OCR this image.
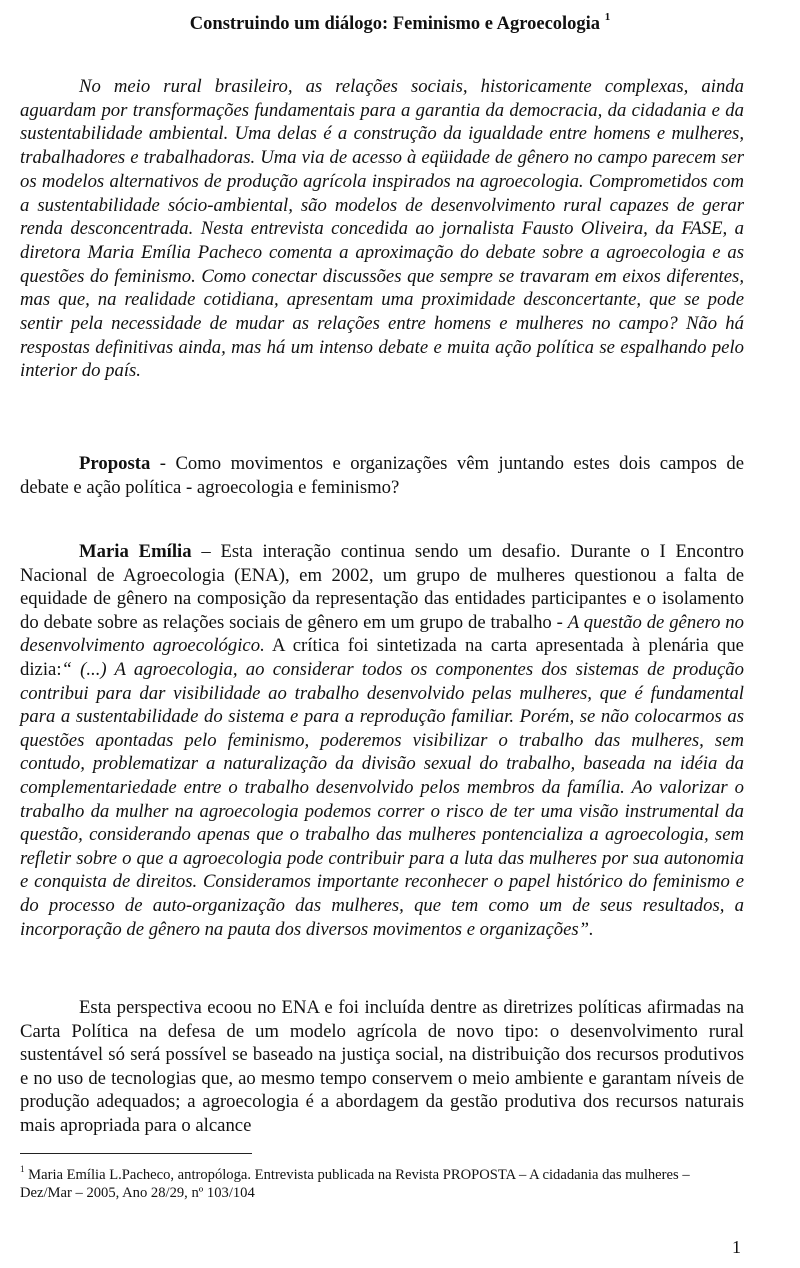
Construindo um diálogo: Feminismo e Agroecologia $^1$

No meio rural brasileiro, as relações sociais, historicamente complexas, ainda aguardam por transformações fundamentais para a garantia da democracia, da cidadania e da sustentabilidade ambiental. Uma delas é a construção da igualdade entre homens e mulheres, trabalhadores e trabalhadoras. Uma via de acesso à eqüidade de gênero no campo parecem ser os modelos alternativos de produção agrícola inspirados na agroecologia. Comprometidos com a sustentabilidade sócio-ambiental, são modelos de desenvolvimento rural capazes de gerar renda desconcentrada. Nesta entrevista concedida ao jornalista Fausto Oliveira, da FASE, a diretora Maria Emília Pacheco comenta a aproximação do debate sobre a agroecologia e as questões do feminismo. Como conectar discussões que sempre se travaram em eixos diferentes, mas que, na realidade cotidiana, apresentam uma proximidade desconcertante, que se pode sentir pela necessidade de mudar as relações entre homens e mulheres no campo? Não há respostas definitivas ainda, mas há um intenso debate e muita ação política se espalhando pelo interior do país.

Proposta - Como movimentos e organizações vêm juntando estes dois campos de debate e ação política - agroecologia e feminismo?

Maria Emília – Esta interação continua sendo um desafio. Durante o I Encontro Nacional de Agroecologia (ENA), em 2002, um grupo de mulheres questionou a falta de equidade de gênero na composição da representação das entidades participantes e o isolamento do debate sobre as relações sociais de gênero em um grupo de trabalho - A questão de gênero no desenvolvimento agroecológico. A crítica foi sintetizada na carta apresentada à plenária que dizia:“ (...) A agroecologia, ao considerar todos os componentes dos sistemas de produção contribui para dar visibilidade ao trabalho desenvolvido pelas mulheres, que é fundamental para a sustentabilidade do sistema e para a reprodução familiar. Porém, se não colocarmos as questões apontadas pelo feminismo, poderemos visibilizar o trabalho das mulheres, sem contudo, problematizar a naturalização da divisão sexual do trabalho, baseada na idéia da complementariedade entre o trabalho desenvolvido pelos membros da família. Ao valorizar o trabalho da mulher na agroecologia podemos correr o risco de ter uma visão instrumental da questão, considerando apenas que o trabalho das mulheres pontencializa a agroecologia, sem refletir sobre o que a agroecologia pode contribuir para a luta das mulheres por sua autonomia e conquista de direitos. Consideramos importante reconhecer o papel histórico do feminismo e do processo de auto-organização das mulheres, que tem como um de seus resultados, a incorporação de gênero na pauta dos diversos movimentos e organizações”.

Esta perspectiva ecoou no ENA e foi incluída dentre as diretrizes políticas afirmadas na Carta Política na defesa de um modelo agrícola de novo tipo: o desenvolvimento rural sustentável só será possível se baseado na justiça social, na distribuição dos recursos produtivos e no uso de tecnologias que, ao mesmo tempo conservem o meio ambiente e garantam níveis de produção adequados; a agroecologia é a abordagem da gestão produtiva dos recursos naturais mais apropriada para o alcance

$^1$ Maria Emília L.Pacheco, antropóloga. Entrevista publicada na Revista PROPOSTA – A cidadania das mulheres – Dez/Mar – 2005, Ano 28/29, nº 103/104

1
